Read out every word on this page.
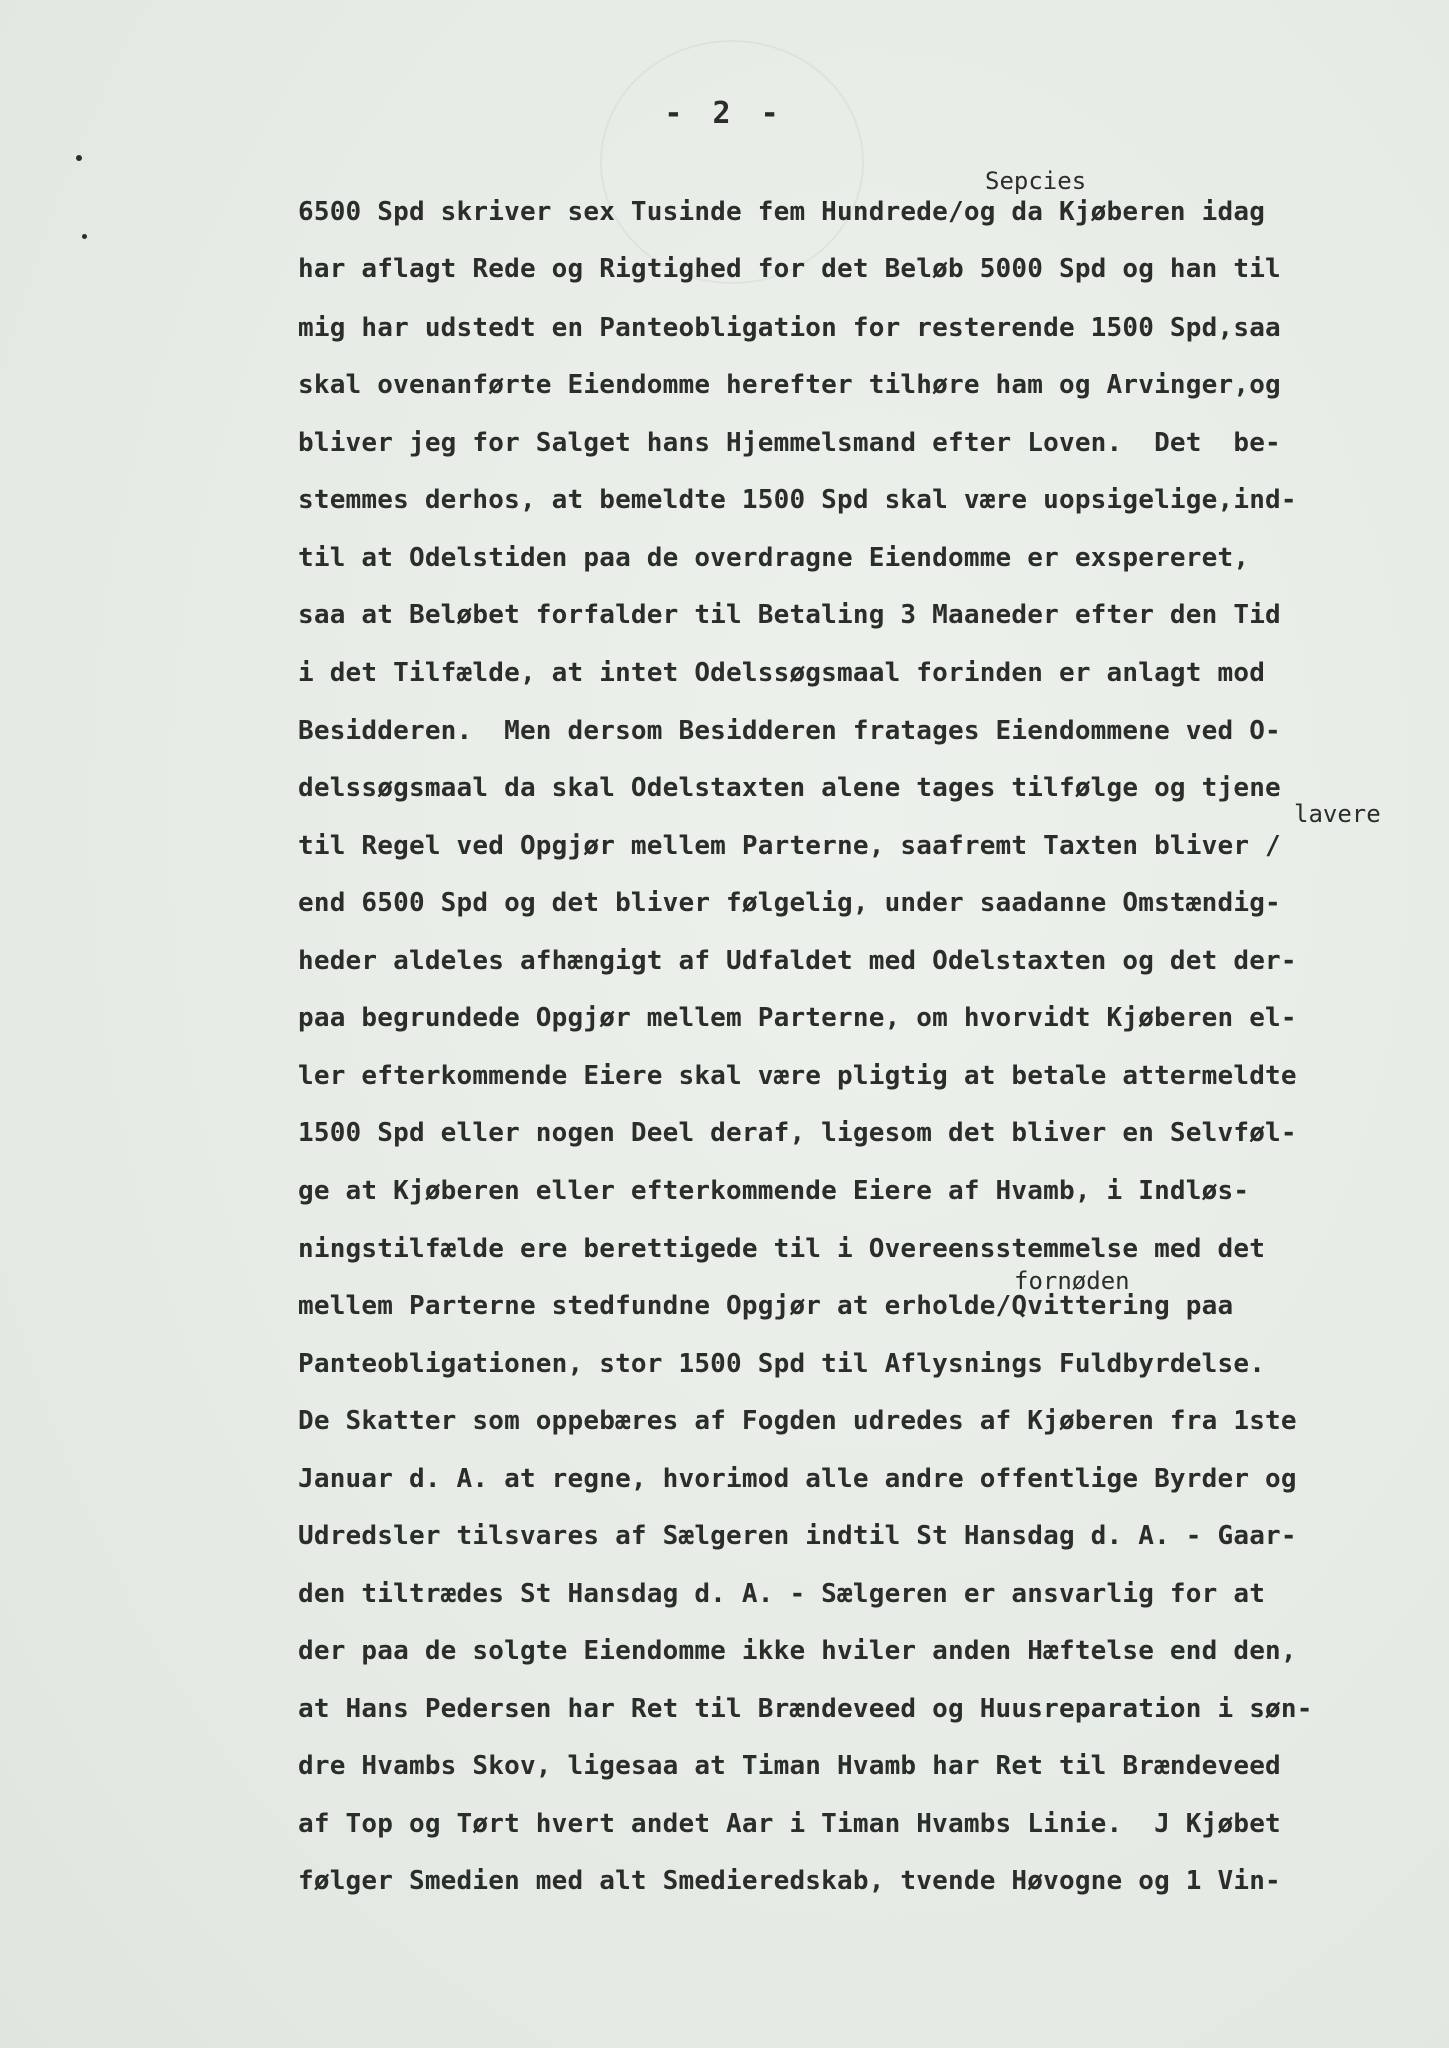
- 2 -
Sepcies
lavere
fornøden
6500 Spd skriver sex Tusinde fem Hundrede/og da Kjøberen idag
har aflagt Rede og Rigtighed for det Beløb 5000 Spd og han til
mig har udstedt en Panteobligation for resterende 1500 Spd,saa
skal ovenanførte Eiendomme herefter tilhøre ham og Arvinger,og
bliver jeg for Salget hans Hjemmelsmand efter Loven.  Det  be-
stemmes derhos, at bemeldte 1500 Spd skal være uopsigelige,ind-
til at Odelstiden paa de overdragne Eiendomme er exspereret,
saa at Beløbet forfalder til Betaling 3 Maaneder efter den Tid
i det Tilfælde, at intet Odelssøgsmaal forinden er anlagt mod
Besidderen.  Men dersom Besidderen fratages Eiendommene ved O-
delssøgsmaal da skal Odelstaxten alene tages tilfølge og tjene
til Regel ved Opgjør mellem Parterne, saafremt Taxten bliver /
end 6500 Spd og det bliver følgelig, under saadanne Omstændig-
heder aldeles afhængigt af Udfaldet med Odelstaxten og det der-
paa begrundede Opgjør mellem Parterne, om hvorvidt Kjøberen el-
ler efterkommende Eiere skal være pligtig at betale attermeldte
1500 Spd eller nogen Deel deraf, ligesom det bliver en Selvføl-
ge at Kjøberen eller efterkommende Eiere af Hvamb, i Indløs-
ningstilfælde ere berettigede til i Overeensstemmelse med det
mellem Parterne stedfundne Opgjør at erholde/Qvittering paa
Panteobligationen, stor 1500 Spd til Aflysnings Fuldbyrdelse.
De Skatter som oppebæres af Fogden udredes af Kjøberen fra 1ste
Januar d. A. at regne, hvorimod alle andre offentlige Byrder og
Udredsler tilsvares af Sælgeren indtil St Hansdag d. A. - Gaar-
den tiltrædes St Hansdag d. A. - Sælgeren er ansvarlig for at
der paa de solgte Eiendomme ikke hviler anden Hæftelse end den,
at Hans Pedersen har Ret til Brændeveed og Huusreparation i søn-
dre Hvambs Skov, ligesaa at Timan Hvamb har Ret til Brændeveed
af Top og Tørt hvert andet Aar i Timan Hvambs Linie.  J Kjøbet
følger Smedien med alt Smedieredskab, tvende Høvogne og 1 Vin-
